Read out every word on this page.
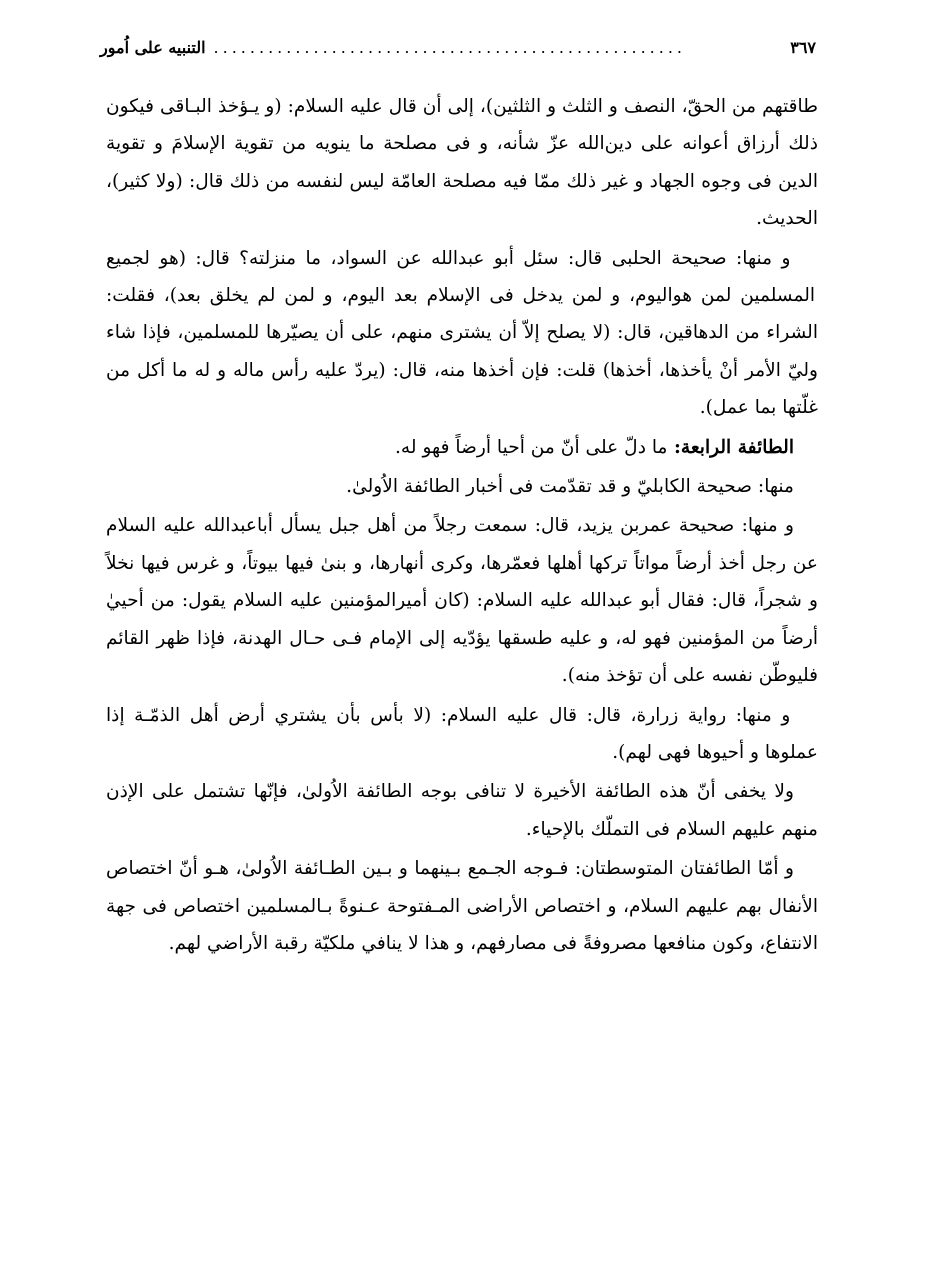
التنبيه على اُمور ....................................................	٣٦٧

طاقتهم من الحقّ، النصف و الثلث و الثلثين)، إلى أن قال عليه السلام: (و يـؤخذ البـاقى فيكون ذلك أرزاق أعوانه على دين‌الله عزّ شأنه، و فى مصلحة ما ينويه من تقوية الإسلامَ و تقوية الدين فى وجوه الجهاد و غير ذلك ممّا فيه مصلحة العامّة ليس لنفسه من ذلك قال: (ولا كثير)، الحديث.

و منها: صحيحة الحلبى قال: سئل أبو عبدالله عن السواد، ما منزلته؟ قال: (هو لجميع المسلمين لمن هواليوم، و لمن يدخل فى الإسلام بعد اليوم، و لمن لم يخلق بعد)، فقلت: الشراء من الدهاقين، قال: (لا يصلح إلاّ أن يشترى منهم، على أن يصيّرها للمسلمين، فإذا شاء وليّ الأمر أنْ يأخذها، أخذها) قلت: فإن أخذها منه، قال: (يردّ عليه رأس ماله و له ما أكل من غلّتها بما عمل).

الطائفة الرابعة: ما دلّ على أنّ من أحيا أرضاً فهو له.

منها: صحيحة الكابليّ و قد تقدّمت فى أخبار الطائفة الاُولىٰ.

و منها: صحيحة عمربن يزيد، قال: سمعت رجلاً من أهل جبل يسأل أباعبدالله عليه السلام عن رجل أخذ أرضاً مواتاً تركها أهلها فعمّرها، وكرى أنهارها، و بنىٰ فيها بيوتاً، و غرس فيها نخلاً و شجراً، قال: فقال أبو عبدالله عليه السلام: (كان أميرالمؤمنين عليه السلام يقول: من أحييٰ أرضاً من المؤمنين فهو له، و عليه طسقها يؤدّيه إلى الإمام فـى حـال الهدنة، فإذا ظهر القائم فليوطّن نفسه على أن تؤخذ منه).

و منها: رواية زرارة، قال: قال عليه السلام: (لا بأس بأن يشتري أرض أهل الذمّـة إذا عملوها و أحيوها فهى لهم).

ولا يخفى أنّ هذه الطائفة الأخيرة لا تنافى بوجه الطائفة الاُولىٰ، فإنّها تشتمل على الإذن منهم عليهم السلام فى التملّك بالإحياء.

و أمّا الطائفتان المتوسطتان: فـوجه الجـمع بـينهما و بـين الطـائفة الاُولىٰ، هـو أنّ اختصاص الأنفال بهم عليهم السلام، و اختصاص الأراضى المـفتوحة عـنوةً بـالمسلمين اختصاص فى جهة الانتفاع، وكون منافعها مصروفةً فى مصارفهم، و هذا لا ينافي ملكيّة رقبة الأراضي لهم.
